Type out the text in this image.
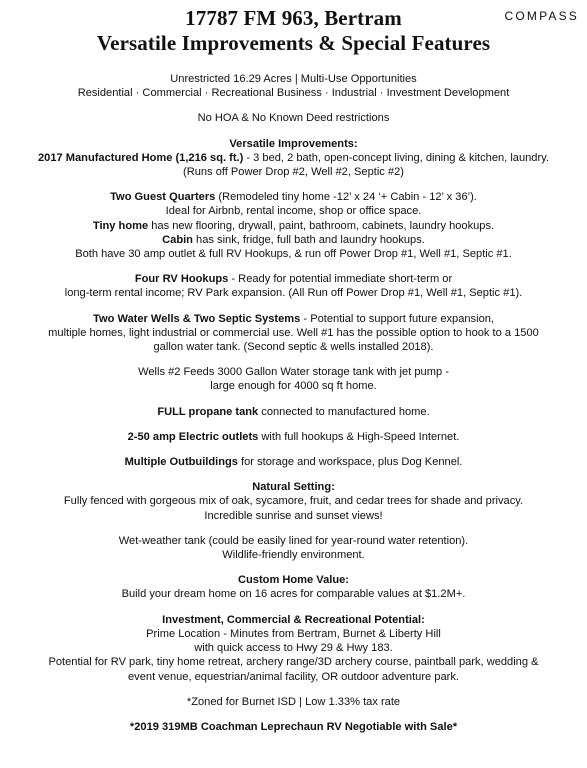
17787 FM 963, Bertram
Versatile Improvements & Special Features
COMPASS

Unrestricted 16.29 Acres | Multi-Use Opportunities
Residential · Commercial · Recreational Business · Industrial · Investment Development

No HOA & No Known Deed restrictions

Versatile Improvements:
2017 Manufactured Home (1,216 sq. ft.) - 3 bed, 2 bath, open-concept living, dining & kitchen, laundry.
(Runs off Power Drop #2, Well #2, Septic #2)

Two Guest Quarters (Remodeled tiny home -12’ x 24 ‘+ Cabin - 12’ x 36’).
Ideal for Airbnb, rental income, shop or office space.
Tiny home has new flooring, drywall, paint, bathroom, cabinets, laundry hookups.
Cabin has sink, fridge, full bath and laundry hookups.
Both have 30 amp outlet & full RV Hookups, & run off Power Drop #1, Well #1, Septic #1.

Four RV Hookups - Ready for potential immediate short-term or
long-term rental income; RV Park expansion. (All Run off Power Drop #1, Well #1, Septic #1).

Two Water Wells & Two Septic Systems - Potential to support future expansion,
multiple homes, light industrial or commercial use. Well #1 has the possible option to hook to a 1500
gallon water tank. (Second septic & wells installed 2018).

Wells #2 Feeds 3000 Gallon Water storage tank with jet pump -
large enough for 4000 sq ft home.

FULL propane tank connected to manufactured home.

2-50 amp Electric outlets with full hookups & High-Speed Internet.

Multiple Outbuildings for storage and workspace, plus Dog Kennel.

Natural Setting:
Fully fenced with gorgeous mix of oak, sycamore, fruit, and cedar trees for shade and privacy.
Incredible sunrise and sunset views!

Wet-weather tank (could be easily lined for year-round water retention).
Wildlife-friendly environment.

Custom Home Value:
Build your dream home on 16 acres for comparable values at $1.2M+.

Investment, Commercial & Recreational Potential:
Prime Location - Minutes from Bertram, Burnet & Liberty Hill
with quick access to Hwy 29 & Hwy 183.
Potential for RV park, tiny home retreat, archery range/3D archery course, paintball park, wedding &
event venue, equestrian/animal facility, OR outdoor adventure park.

*Zoned for Burnet ISD | Low 1.33% tax rate

*2019 319MB Coachman Leprechaun RV Negotiable with Sale*
